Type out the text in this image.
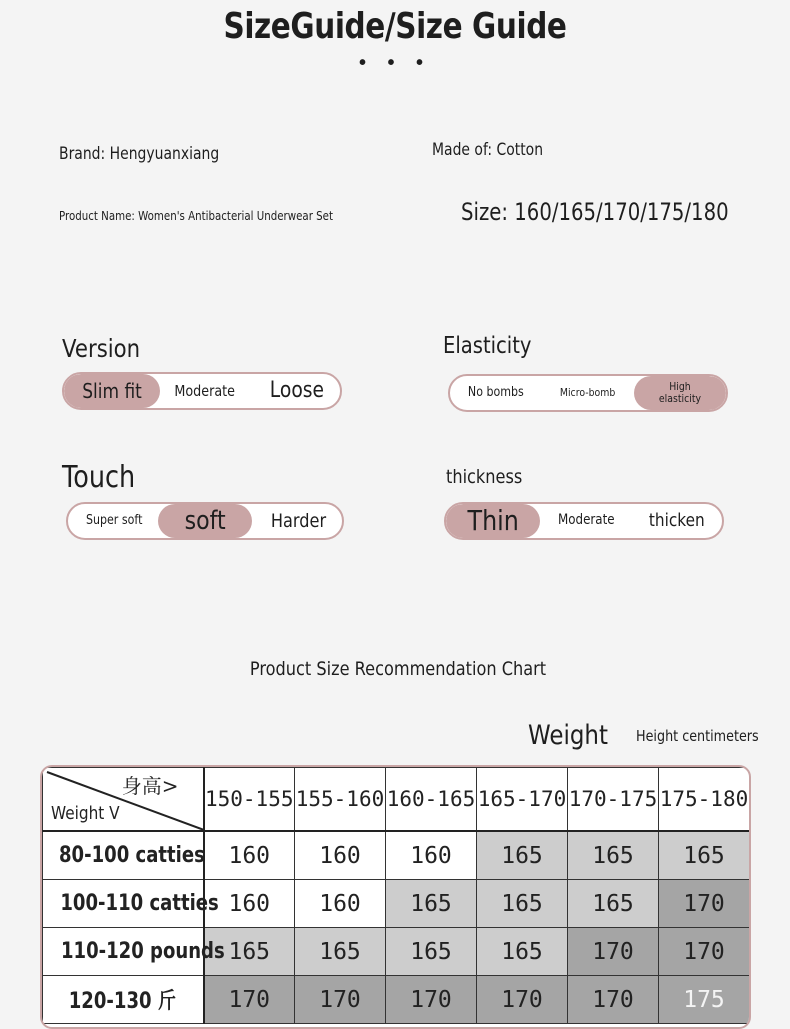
SizeGuide/Size Guide
• • •
Brand: Hengyuanxiang	Made of: Cotton
Product Name: Women's Antibacterial Underwear Set	Size: 160/165/170/175/180
Version
Slim fit Moderate Loose
Elasticity
No bombs	Micro-bomb	High elasticity
Touch
Super soft soft Harder
thickness
Thin	Moderate thicken
Product Size Recommendation Chart
Weight Height centimeters
身高>
Weight V	150-155	155-160	160-165	165-170	170-175	175-180
80-100 catties	160	160	160	165	165	165
100-110 catties	160	160	165	165	165	170
110-120 pounds	165	165	165	165	170	170
120-130 斤	170	170	170	170	170	175
